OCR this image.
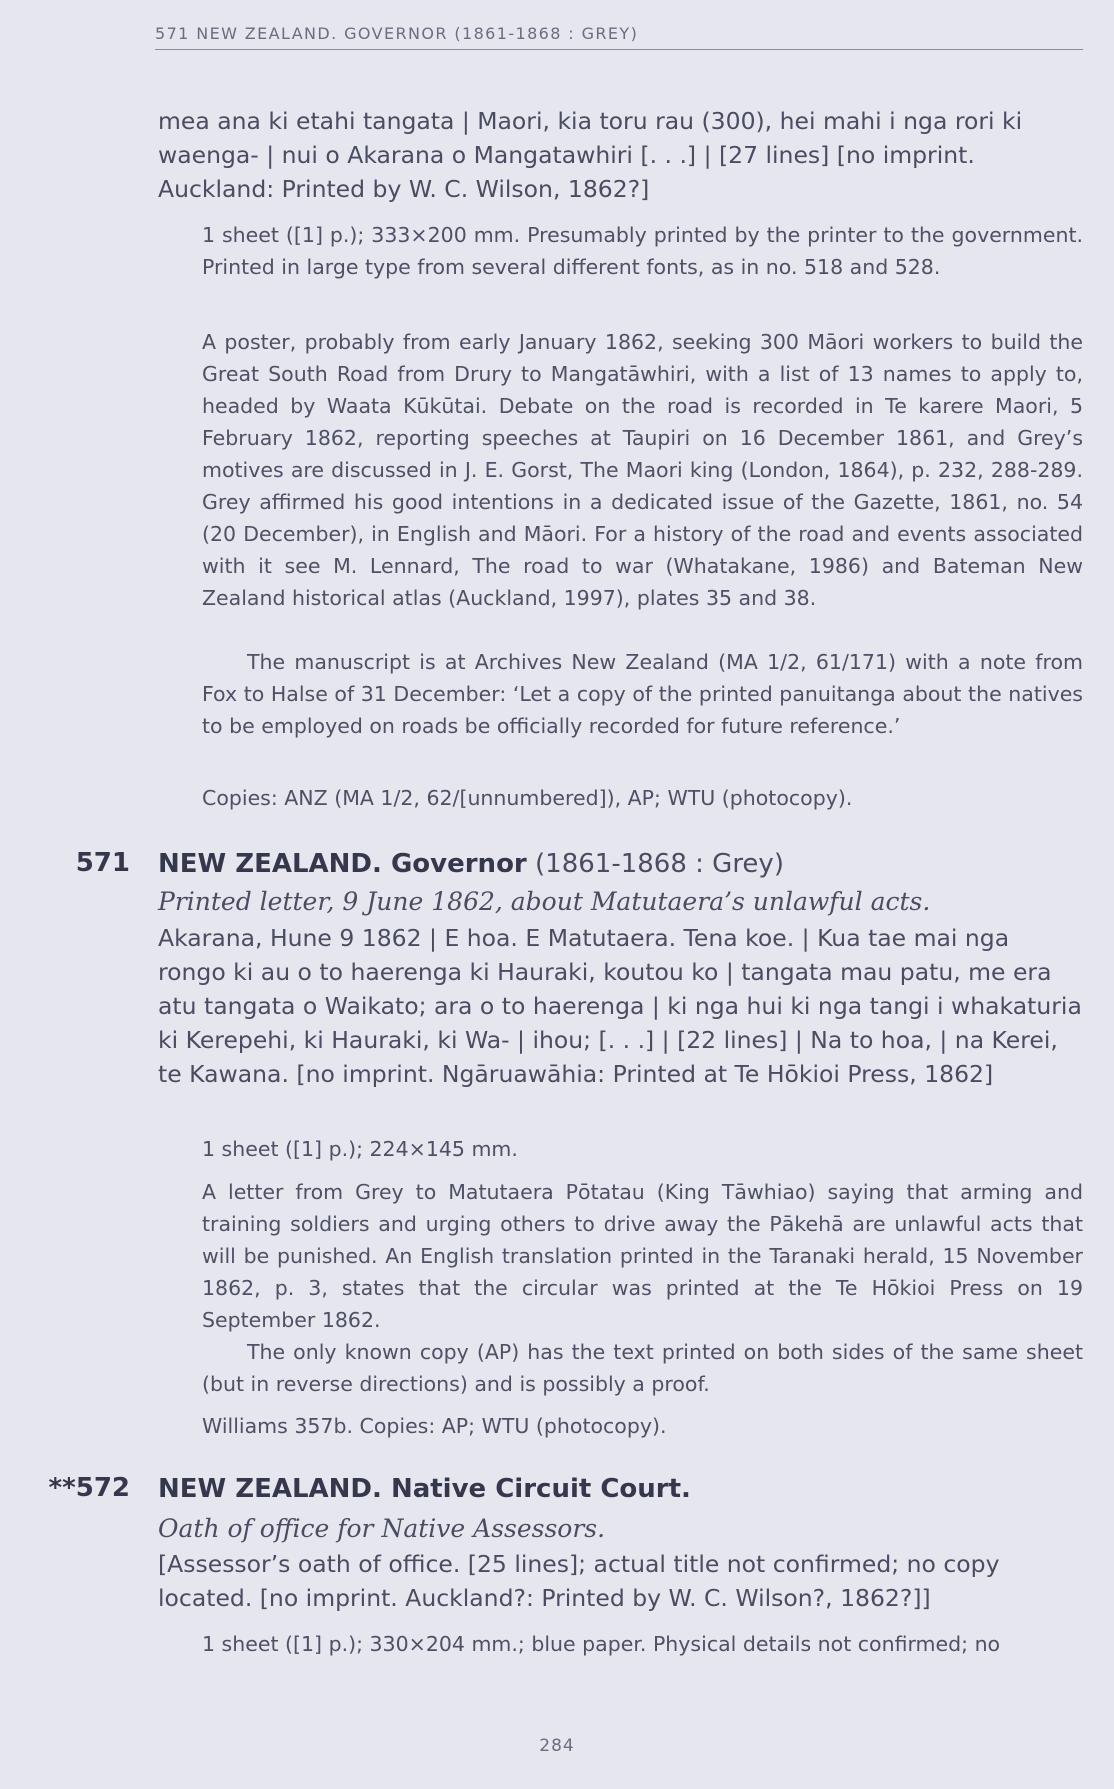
571 NEW ZEALAND. GOVERNOR (1861-1868 : GREY)
mea ana ki etahi tangata | Maori, kia toru rau (300), hei mahi i nga rori ki waenga- | nui o Akarana o Mangatawhiri [. . .] | [27 lines] [no imprint. Auckland: Printed by W. C. Wilson, 1862?]
1 sheet ([1] p.); 333×200 mm. Presumably printed by the printer to the government. Printed in large type from several different fonts, as in no. 518 and 528.
A poster, probably from early January 1862, seeking 300 Māori workers to build the Great South Road from Drury to Mangatāwhiri, with a list of 13 names to apply to, headed by Waata Kūkūtai. Debate on the road is recorded in Te karere Maori, 5 February 1862, reporting speeches at Taupiri on 16 December 1861, and Grey’s motives are discussed in J. E. Gorst, The Maori king (London, 1864), p. 232, 288-289. Grey affirmed his good intentions in a dedicated issue of the Gazette, 1861, no. 54 (20 December), in English and Māori. For a history of the road and events associated with it see M. Lennard, The road to war (Whatakane, 1986) and Bateman New Zealand historical atlas (Auckland, 1997), plates 35 and 38.
The manuscript is at Archives New Zealand (MA 1/2, 61/171) with a note from Fox to Halse of 31 December: ‘Let a copy of the printed panuitanga about the natives to be employed on roads be officially recorded for future reference.’
Copies: ANZ (MA 1/2, 62/[unnumbered]), AP; WTU (photocopy).
571 NEW ZEALAND. Governor (1861-1868 : Grey)
Printed letter, 9 June 1862, about Matutaera’s unlawful acts.
Akarana, Hune 9 1862 | E hoa. E Matutaera. Tena koe. | Kua tae mai nga rongo ki au o to haerenga ki Hauraki, koutou ko | tangata mau patu, me era atu tangata o Waikato; ara o to haerenga | ki nga hui ki nga tangi i whakaturia ki Kerepehi, ki Hauraki, ki Wa- | ihou; [. . .] | [22 lines] | Na to hoa, | na Kerei, te Kawana. [no imprint. Ngāruawāhia: Printed at Te Hōkioi Press, 1862]
1 sheet ([1] p.); 224×145 mm.
A letter from Grey to Matutaera Pōtatau (King Tāwhiao) saying that arming and training soldiers and urging others to drive away the Pākehā are unlawful acts that will be punished. An English translation printed in the Taranaki herald, 15 November 1862, p. 3, states that the circular was printed at the Te Hōkioi Press on 19 September 1862.
The only known copy (AP) has the text printed on both sides of the same sheet (but in reverse directions) and is possibly a proof.
Williams 357b. Copies: AP; WTU (photocopy).
**572 NEW ZEALAND. Native Circuit Court.
Oath of office for Native Assessors.
[Assessor’s oath of office. [25 lines]; actual title not confirmed; no copy located. [no imprint. Auckland?: Printed by W. C. Wilson?, 1862?]]
1 sheet ([1] p.); 330×204 mm.; blue paper. Physical details not confirmed; no
284
